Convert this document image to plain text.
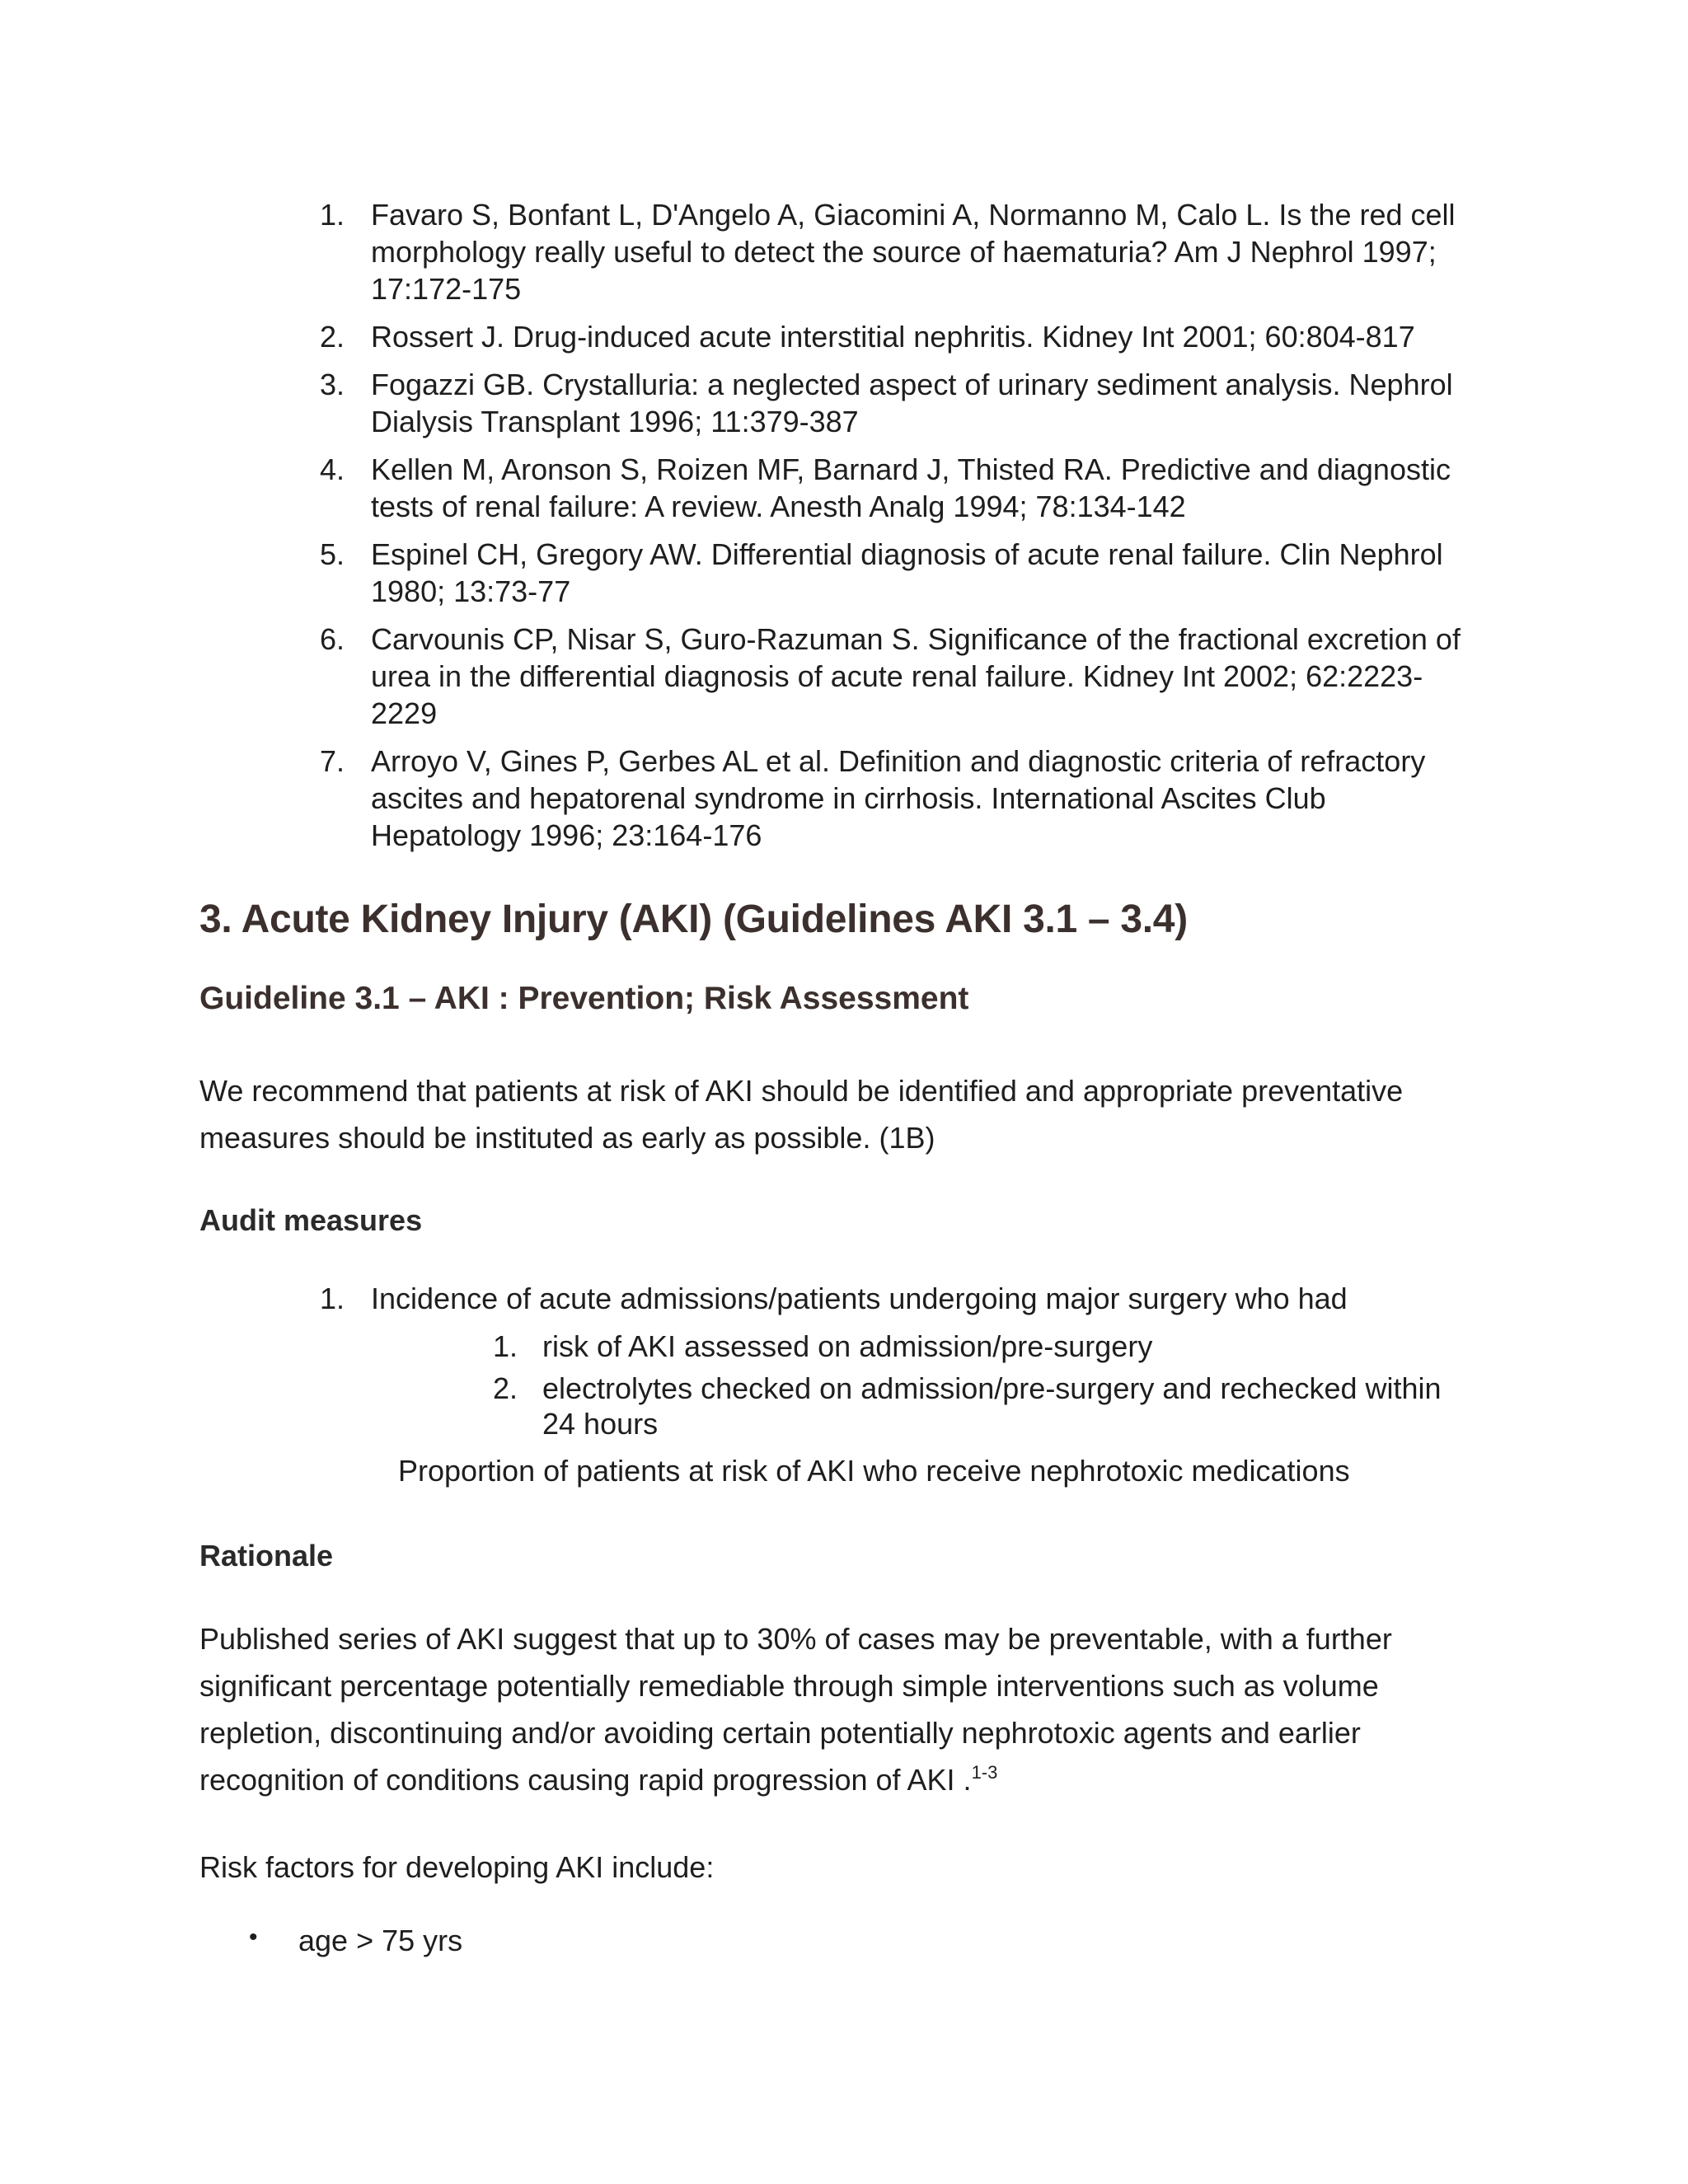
1. Favaro S, Bonfant L, D'Angelo A, Giacomini A, Normanno M, Calo L. Is the red cell morphology really useful to detect the source of haematuria? Am J Nephrol 1997; 17:172-175
2. Rossert J. Drug-induced acute interstitial nephritis. Kidney Int 2001; 60:804-817
3. Fogazzi GB. Crystalluria: a neglected aspect of urinary sediment analysis. Nephrol Dialysis Transplant 1996; 11:379-387
4. Kellen M, Aronson S, Roizen MF, Barnard J, Thisted RA. Predictive and diagnostic tests of renal failure: A review. Anesth Analg 1994; 78:134-142
5. Espinel CH, Gregory AW. Differential diagnosis of acute renal failure. Clin Nephrol 1980; 13:73-77
6. Carvounis CP, Nisar S, Guro-Razuman S. Significance of the fractional excretion of urea in the differential diagnosis of acute renal failure. Kidney Int 2002; 62:2223-2229
7. Arroyo V, Gines P, Gerbes AL et al. Definition and diagnostic criteria of refractory ascites and hepatorenal syndrome in cirrhosis. International Ascites Club Hepatology 1996; 23:164-176
3. Acute Kidney Injury (AKI) (Guidelines AKI 3.1 – 3.4)
Guideline 3.1 – AKI : Prevention; Risk Assessment

We recommend that patients at risk of AKI should be identified and appropriate preventative measures should be instituted as early as possible. (1B)

Audit measures
1. Incidence of acute admissions/patients undergoing major surgery who had
1. risk of AKI assessed on admission/pre-surgery
2. electrolytes checked on admission/pre-surgery and rechecked within 24 hours
Proportion of patients at risk of AKI who receive nephrotoxic medications
Rationale

Published series of AKI suggest that up to 30% of cases may be preventable, with a further significant percentage potentially remediable through simple interventions such as volume repletion, discontinuing and/or avoiding certain potentially nephrotoxic agents and earlier recognition of conditions causing rapid progression of AKI .$^{1-3}$

Risk factors for developing AKI include:

• age > 75 yrs
